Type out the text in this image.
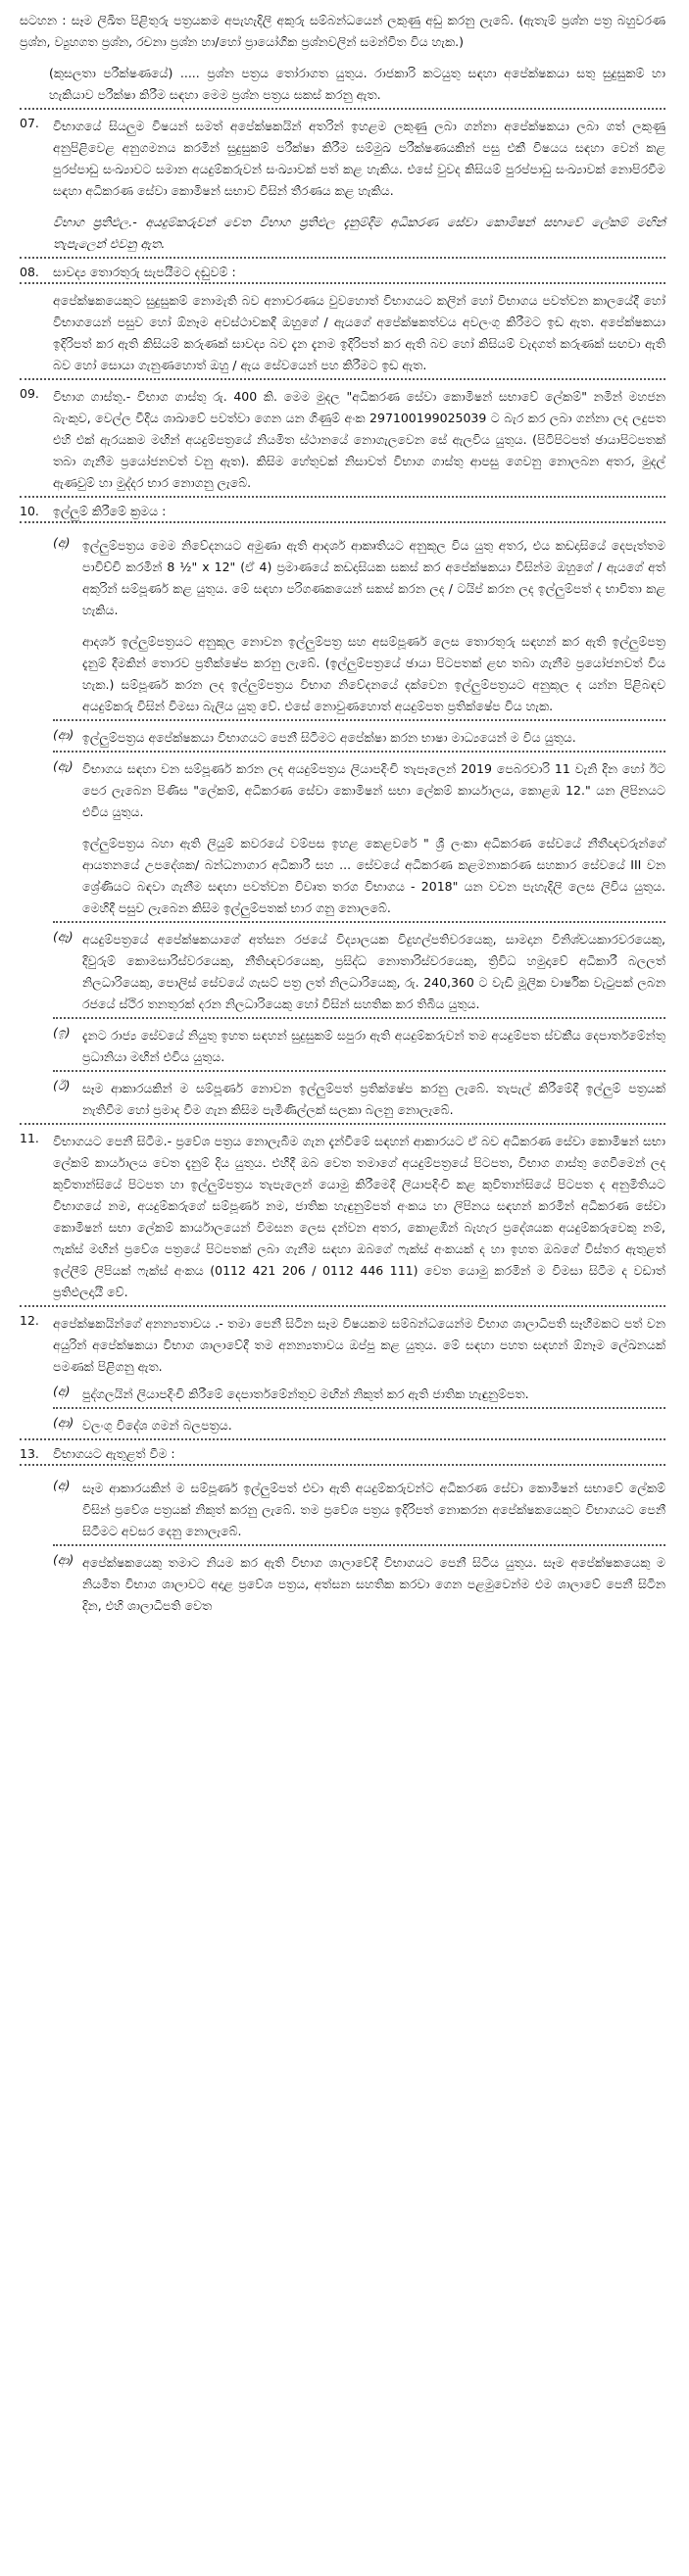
සටහන : සෑම ලිඛිත පිළිතුරු පත්‍රයකම අපැහැදිලි අකුරු සම්බන්ධයෙන් ලකුණු අඩු කරනු ලැබේ. (ඇතැම් ප්‍රශ්න පත්‍ර බහුවරණ ප්‍රශ්න, ව්‍යුහගත ප්‍රශ්න, රචනා ප්‍රශ්න හා/හෝ ප්‍රායෝගික ප්‍රශ්නවලින් සමන්විත විය හැක.)

(කුසලතා පරීක්ෂණයේ) ..... ප්‍රශ්න පත්‍රය තෝරාගත යුතුය. රාජකාරි කටයුතු සඳහා අපේක්ෂකයා සතු සුදුසුකම් හා හැකියාව පරීක්ෂා කිරීම සඳහා මෙම ප්‍රශ්න පත්‍රය සකස් කරනු ඇත.

07.	විභාගයේ සියලුම විෂයන් සමත් අපේක්ෂකයින් අතරින් ඉහළම ලකුණු ලබා ගන්නා අපේක්ෂකයා ලබා ගත් ලකුණු අනුපිළිවෙළ අනුගමනය කරමින් සුදුසුකම් පරීක්ෂා කිරීම සම්මුඛ පරීක්ෂණයකින් පසු එකී විෂයය සඳහා වෙන් කළ පුරප්පාඩු සංඛ්‍යාවට සමාන අයදුම්කරුවන් සංඛ්‍යාවක් පත් කළ හැකිය. එසේ වුවද කිසියම් පුරප්පාඩු සංඛ්‍යාවක් නොපිරවීම සඳහා අධිකරණ සේවා කොමිෂන් සභාව විසින් තීරණය කළ හැකිය.

විභාග ප්‍රතිඵල.- අයදුම්කරුවන් වෙත විභාග ප්‍රතිඵල දැනුම්දීම අධිකරණ සේවා කොමිෂන් සභාවේ ලේකම් මඟින් තැපැලෙන් එවනු ඇත.

08.	සාවද්‍ය තොරතුරු සැපයීමට දඬුවම් :

අපේක්ෂකයෙකුට සුදුසුකම් නොමැති බව අනාවරණය වුවහොත් විභාගයට කලින් හෝ විභාගය පවත්වන කාලයේදී හෝ විභාගයෙන් පසුව හෝ ඕනෑම අවස්ථාවකදී ඔහුගේ / ඇයගේ අපේක්ෂකත්වය අවලංගු කිරීමට ඉඩ ඇත. අපේක්ෂකයා ඉදිරිපත් කර ඇති කිසියම් කරුණක් සාවද්‍ය බව දැන දැනම ඉදිරිපත් කර ඇති බව හෝ කිසියම් වැදගත් කරුණක් සඟවා ඇති බව හෝ සොයා ගැනුණහොත් ඔහු / ඇය සේවයෙන් පහ කිරීමට ඉඩ ඇත.

09.	විභාග ගාස්තු.- විභාග ගාස්තු රු. 400 කි. මෙම මුදල "අධිකරණ සේවා කොමිෂන් සභාවේ ලේකම්" නමින් මහජන බැංකුව, වෙල්ල වීදිය ශාඛාවේ පවත්වා ගෙන යන ගිණුම් අංක 297100199025039 ට බැර කර ලබා ගන්නා ලද ලදුපත එහි එක් ඇරයකම මඟින් අයදුම්පත්‍රයේ නියමිත ස්ථානයේ නොගැලවෙන සේ ඇලවිය යුතුය. (පිටිපිටපත් ඡායාපිටපතක් තබා ගැනීම ප්‍රයෝජනවත් වනු ඇත). කිසිම හේතුවක් නිසාවත් විභාග ගාස්තු ආපසු ගෙවනු නොලබන අතර, මුදල් ඇණවුම් හා මුද්දර භාර නොගනු ලැබේ.

10.	ඉල්ලුම් කිරීමේ ක්‍රමය :
(අ)	ඉල්ලුම්පත්‍රය මෙම නිවේදනයට අමුණා ඇති ආදර්ශ ආකෘතියට අනුකූල විය යුතු අතර, එය කඩදාසියේ දෙපැත්තම පාවිච්චි කරමින් 8 ½" x 12" (ඒ 4) ප්‍රමාණයේ කඩදාසියක සකස් කර අපේක්ෂකයා විසින්ම ඔහුගේ / ඇයගේ අත් අකුරින් සම්පූර්ණ කළ යුතුය. මේ සඳහා පරිගණකයෙන් සකස් කරන ලද / ටයිප් කරන ලද ඉල්ලුම්පත් ද භාවිතා කළ හැකිය.

ආදර්ශ ඉල්ලුම්පත්‍රයට අනුකූල නොවන ඉල්ලුම්පත්‍ර සහ අසම්පූර්ණ ලෙස තොරතුරු සඳහන් කර ඇති ඉල්ලුම්පත්‍ර දැනුම් දීමකින් තොරව ප්‍රතික්ෂේප කරනු ලැබේ. (ඉල්ලුම්පත්‍රයේ ඡායා පිටපතක් ළඟ තබා ගැනීම ප්‍රයෝජනවත් විය හැක.) සම්පූර්ණ කරන ලද ඉල්ලුම්පත්‍රය විභාග නිවේදනයේ දක්වෙන ඉල්ලුම්පත්‍රයට අනුකූල ද යන්න පිළිබඳව අයදුම්කරු විසින් විමසා බැලිය යුතු වේ. එසේ නොවුණහොත් අයදුම්පත ප්‍රතික්ෂේප විය හැක.

(ආ) ඉල්ලුම්පත්‍රය අපේක්ෂකයා විභාගයට පෙනී සිටීමට අපේක්ෂා කරන භාෂා මාධ්‍යයෙන් ම විය යුතුය.

(ඇ) විභාගය සඳහා වන සම්පූර්ණ කරන ලද අයදුම්පත්‍රය ලියාපදිංචි තැපෑලෙන් 2019 පෙබරවාරි 11 වැනි දින හෝ ඊට පෙර ලැබෙන පිණිස "ලේකම්, අධිකරණ සේවා කොමිෂන් සභා ලේකම් කාර්යාලය, කොළඹ 12." යන ලිපිනයට එවිය යුතුය.

ඉල්ලුම්පත්‍රය බහා ඇති ලියුම් කවරයේ වම්පස ඉහළ කෙළවරේ " ශ්‍රී ලංකා අධිකරණ සේවයේ නීතීඥවරුන්ගේ ආයතනයේ උපදේශක/ බන්ධනාගාර අධිකාරී සහ ... සේවයේ අධිකරණ කළමනාකරණ සහකාර සේවයේ III වන ශ්‍රේණියට බඳවා ගැනීම සඳහා පවත්වන විවෘත තරග විභාගය - 2018" යන වචන පැහැදිලි ලෙස ලිවිය යුතුය. මෙහිදී පසුව ලැබෙන කිසිම ඉල්ලුම්පතක් භාර ගනු නොලබේ.

(ඈ) අයදුම්පත්‍රයේ අපේක්ෂකයාගේ අත්සන රජයේ විද්‍යාලයක විදුහල්පතිවරයෙකු, සාමදාන විනිශ්චයකාරවරයෙකු, දිවුරුම් කොමසාරිස්වරයෙකු, නීතිඥවරයෙකු, ප්‍රසිද්ධ නොතාරිස්වරයෙකු, ත්‍රිවිධ හමුදාවේ අධිකාරී බලලත් නිලධාරියෙකු, පොලිස් සේවයේ ගැසට් පත්‍ර ලත් නිලධාරියෙකු, රු. 240,360 ට වැඩි මූලික වාර්ෂික වැටුපක් ලබන රජයේ ස්ථිර තනතුරක් දරන නිලධාරියෙකු හෝ විසින් සහතික කර තිබිය යුතුය.

(ඉ) දැනට රාජ්‍ය සේවයේ නියුතු ඉහත සඳහන් සුදුසුකම් සපුරා ඇති අයදුම්කරුවන් තම අයදුම්පත ස්වකීය දෙපාර්තමේන්තු ප්‍රධානියා මඟින් එවිය යුතුය.

(ඊ)	සෑම ආකාරයකින් ම සම්පූර්ණ නොවන ඉල්ලුම්පත් ප්‍රතික්ෂේප කරනු ලැබේ. තැපැල් කිරීමේදී ඉල්ලුම් පත්‍රයක් නැතිවීම හෝ ප්‍රමාද වීම ගැන කිසිම පැමිණිල්ලක් සලකා බලනු නොලැබේ.

11.	විභාගයට පෙනී සිටීම.- ප්‍රවේශ පත්‍රය නොලැබීම ගැන දැන්වීමේ සඳහන් ආකාරයට ඒ බව අධිකරණ සේවා කොමිෂන් සභා ලේකම් කාර්යාලය වෙත දැනුම් දිය යුතුය. එහිදී ඔබ වෙත තමාගේ අයදුම්පත්‍රයේ පිටපත, විභාග ගාස්තු ගෙවීමෙන් ලද කුවිතාන්සියේ පිටපත හා ඉල්ලුම්පත්‍රය තැපැලෙන් යොමු කිරීමෙදී ලියාපදිංචි කළ කුවිතාන්සියේ පිටපත ද අනුමිතියට විභාගයේ නම, අයදුම්කරුගේ සම්පූර්ණ නම, ජාතික හැඳුනුම්පත් අංකය හා ලිපිනය සඳහන් කරමින් අධිකරණ සේවා කොමිෂන් සභා ලේකම් කාර්යාලයෙන් විමසන ලෙස දන්වන අතර, කොළඹින් බැහැර ප්‍රදේශයක අයදුම්කරුවෙකු නම්, ෆැක්ස් මඟින් ප්‍රවේශ පත්‍රයේ පිටපතක් ලබා ගැනීම සඳහා ඔබගේ ෆැක්ස් අංකයක් ද හා ඉහත ඔබගේ විස්තර ඇතුළත් ඉල්ලීම් ලිපියක් ෆැක්ස් අංකය (0112 421 206 / 0112 446 111) වෙත යොමු කරමින් ම විමසා සිටීම ද වඩාත් ප්‍රතිඵලදායී වේ.

12.	අපේක්ෂකයින්ගේ අනන්‍යතාවය .- තමා පෙනී සිටින සෑම විෂයකම සම්බන්ධයෙන්ම විභාග ශාලාධිපති සෑහීමකට පත් වන අයුරින් අපේක්ෂකයා විභාග ශාලාවේදී තම අනන්‍යතාවය ඔප්පු කළ යුතුය. මේ සඳහා පහත සඳහන් ඕනෑම ලේඛනයක් පමණක් පිළිගනු ඇත.

(අ)	පුද්ගලයින් ලියාපදිංචි කිරීමේ දෙපාර්තමේන්තුව මඟින් නිකුත් කර ඇති ජාතික හැඳුනුම්පත.
(ආ) වලංගු විදේශ ගමන් බලපත්‍රය.
13.	විභාගයට ඇතුළත් වීම :
(අ)	සෑම ආකාරයකින් ම සම්පූර්ණ ඉල්ලුම්පත් එවා ඇති අයදුම්කරුවන්ට අධිකරණ සේවා කොමිෂන් සභාවේ ලේකම් විසින් ප්‍රවේශ පත්‍රයක් නිකුත් කරනු ලැබේ. තම ප්‍රවේශ පත්‍රය ඉදිරිපත් නොකරන අපේක්ෂකයෙකුට විභාගයට පෙනී සිටීමට අවසර දෙනු නොලැබේ.
(ආ) අපේක්ෂකයෙකු තමාට නියම කර ඇති විභාග ශාලාවේදී විභාගයට පෙනී සිටිය යුතුය. සෑම අපේක්ෂකයෙකු ම නියමිත විභාග ශාලාවට අදාළ ප්‍රවේශ පත්‍රය, අත්සන සහතික කරවා ගෙන පළමුවෙන්ම එම ශාලාවේ පෙනී සිටින දින, එහි ශාලාධිපති වෙත
